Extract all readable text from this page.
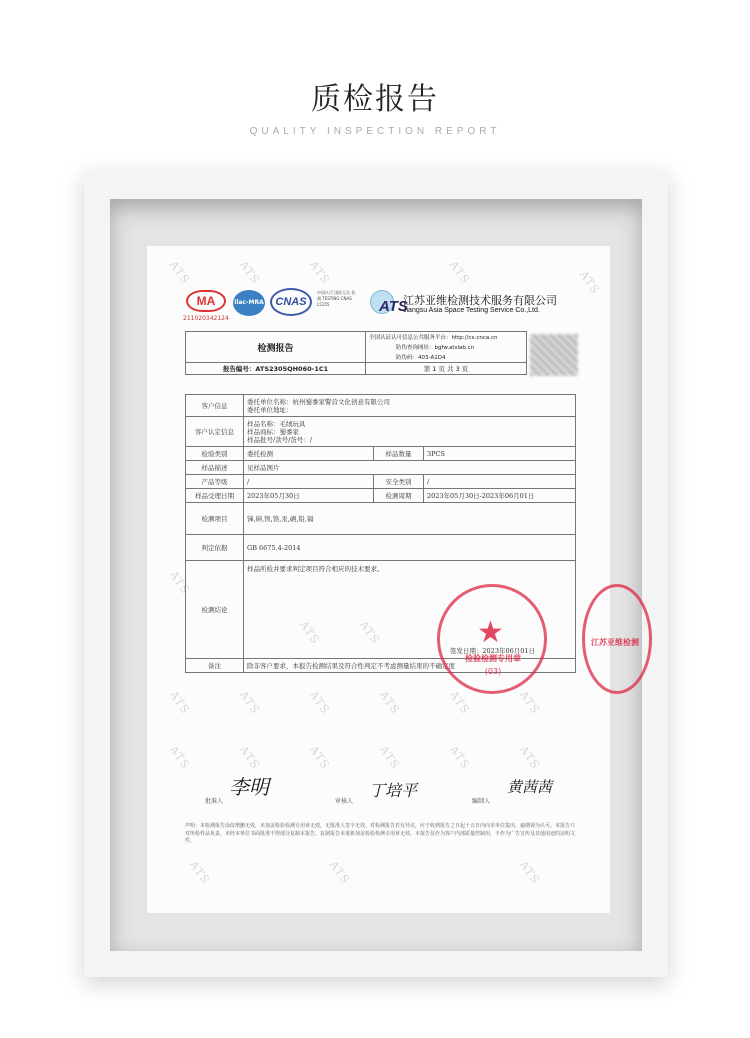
质检报告
QUALITY INSPECTION REPORT
ATS	ATS	ATS	ATS	ATS
ATS
ATS	ATS
ATS	ATS	ATS	ATS	ATS	ATS
ATS	ATS	ATS	ATS	ATS	ATS
ATS	ATS	ATS
MA
211020342124
ilac-MRA	CNAS
中国认可 国际互认 检测 TESTING CNAS L5155	ATS
江苏亚维检测技术服务有限公司
Jiangsu Asia Space Testing Service Co.,Ltd.
检测报告	全国认证认可信息公共服务平台：http://cx.cnca.cn
	防伪查询网址：bgfw.atslab.cn
	防伪码：403-A1D4
报告编号：ATS2305QH060-1C1	第 1 页 共 3 页
客户信息	委托单位名称：杭州蜀黍家警营文化创意有限公司
委托单位地址：		

客户认定信息	样品名称：毛绒玩具
样品商标：蜀黍家
样品批号/款号/货号：/		

检验类别	委托检测	样品数量	3PCS
样品描述	见样品图片		
产品等级	/	安全类别	/
样品受理日期	2023年05月30日	检测周期	2023年05月30日-2023年06月01日
检测项目	锑,砷,钡,铬,汞,硒,铅,镉		
判定依据	GB 6675.4-2014		
检测结论	样品所检并要求判定项目符合相应的技术要求。
签发日期：2023年06月01日		

备注	除非客户要求，本报告检测结果及符合性判定不考虑测量结果的不确定度		
★
检验检测专用章
(03)
江苏亚维检测
批准人
李明
审核人
丁培平
编制人
黄茜茜
声明：本检测报告涂改增删无效，未加盖检验检测专用章无效，无批准人签字无效。对检测报告若有异议，应于收到报告之日起十五日内向本单位提出，逾期视为认可。本报告只对所检样品负责，未经本单位书面批准不得部分复制本报告，复制报告未重新加盖检验检测专用章无效。本报告仅作为客户内部质量控制用，不作为广告宣传及其他用途的证明文件。
